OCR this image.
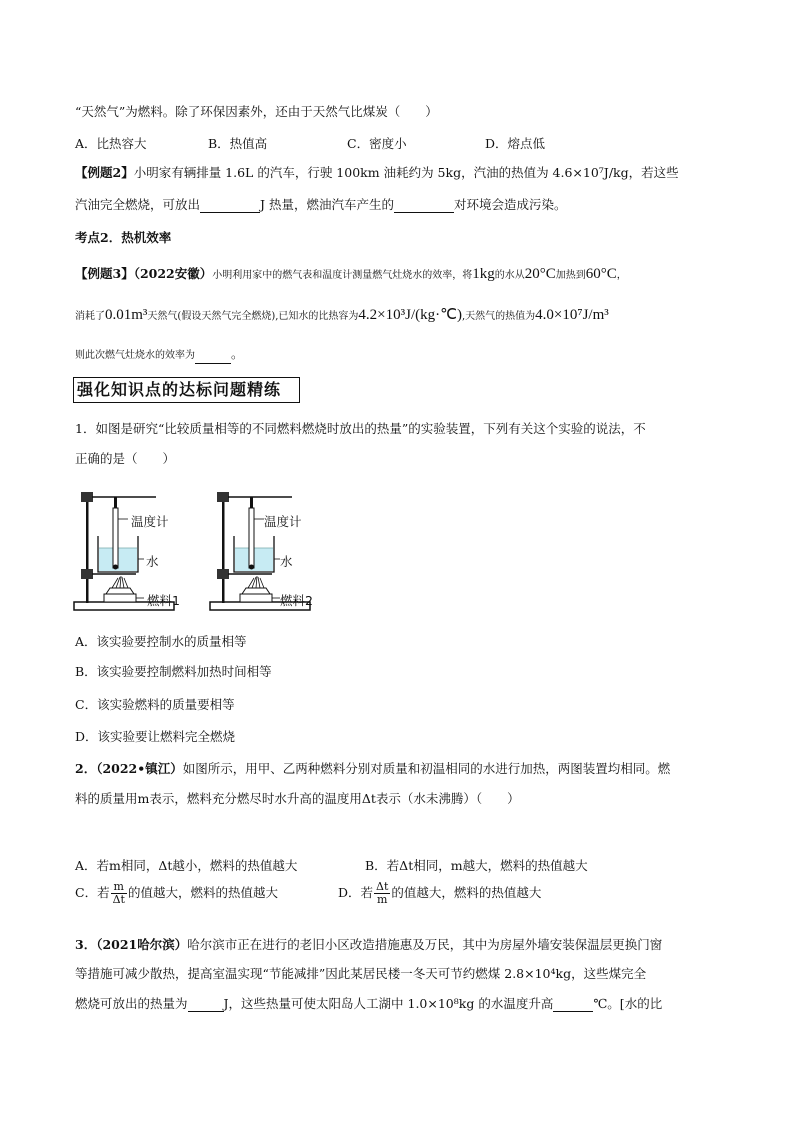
“天然气”为燃料。除了环保因素外，还由于天然气比煤炭（　　）
A．比热容大	B．热值高	C．密度小	D．熔点低
【例题2】小明家有辆排量 1.6L 的汽车，行驶 100km 油耗约为 5kg，汽油的热值为 4.6×10⁷J/kg，若这些
汽油完全燃烧，可放出	J 热量，燃油汽车产生的	对环境会造成污染。
考点2．热机效率
【例题3】（2022安徽）小明利用家中的燃气表和温度计测量燃气灶烧水的效率，将1kg的水从20°C加热到60°C，
消耗了0.01m³天然气(假设天然气完全燃烧),已知水的比热容为4.2×10³J/(kg·℃),天然气的热值为4.0×10⁷J/m³
则此次燃气灶烧水的效率为	。
强化知识点的达标问题精练
1．如图是研究“比较质量相等的不同燃料燃烧时放出的热量”的实验装置，下列有关这个实验的说法，不
正确的是（　　）
温度计
水
燃料1
温度计
水
燃料2
A．该实验要控制水的质量相等
B．该实验要控制燃料加热时间相等
C．该实验燃料的质量要相等
D．该实验要让燃料完全燃烧
2．（2022•镇江）如图所示，用甲、乙两种燃料分别对质量和初温相同的水进行加热，两图装置均相同。燃
料的质量用m表示，燃料充分燃尽时水升高的温度用Δt表示（水未沸腾）（　　）
A．若m相同，Δt越小，燃料的热值越大	B．若Δt相同，m越大，燃料的热值越大
C．若 $\frac{m}{\Delta t}$ 的值越大，燃料的热值越大	D．若 $\frac{\Delta t}{m}$ 的值越大，燃料的热值越大
3．（2021哈尔滨）哈尔滨市正在进行的老旧小区改造措施惠及万民，其中为房屋外墙安装保温层更换门窗
等措施可减少散热，提高室温实现“节能减排”因此某居民楼一冬天可节约燃煤 2.8×10⁴kg，这些煤完全
燃烧可放出的热量为	J，这些热量可使太阳岛人工湖中 1.0×10⁸kg 的水温度升高	℃。[水的比
